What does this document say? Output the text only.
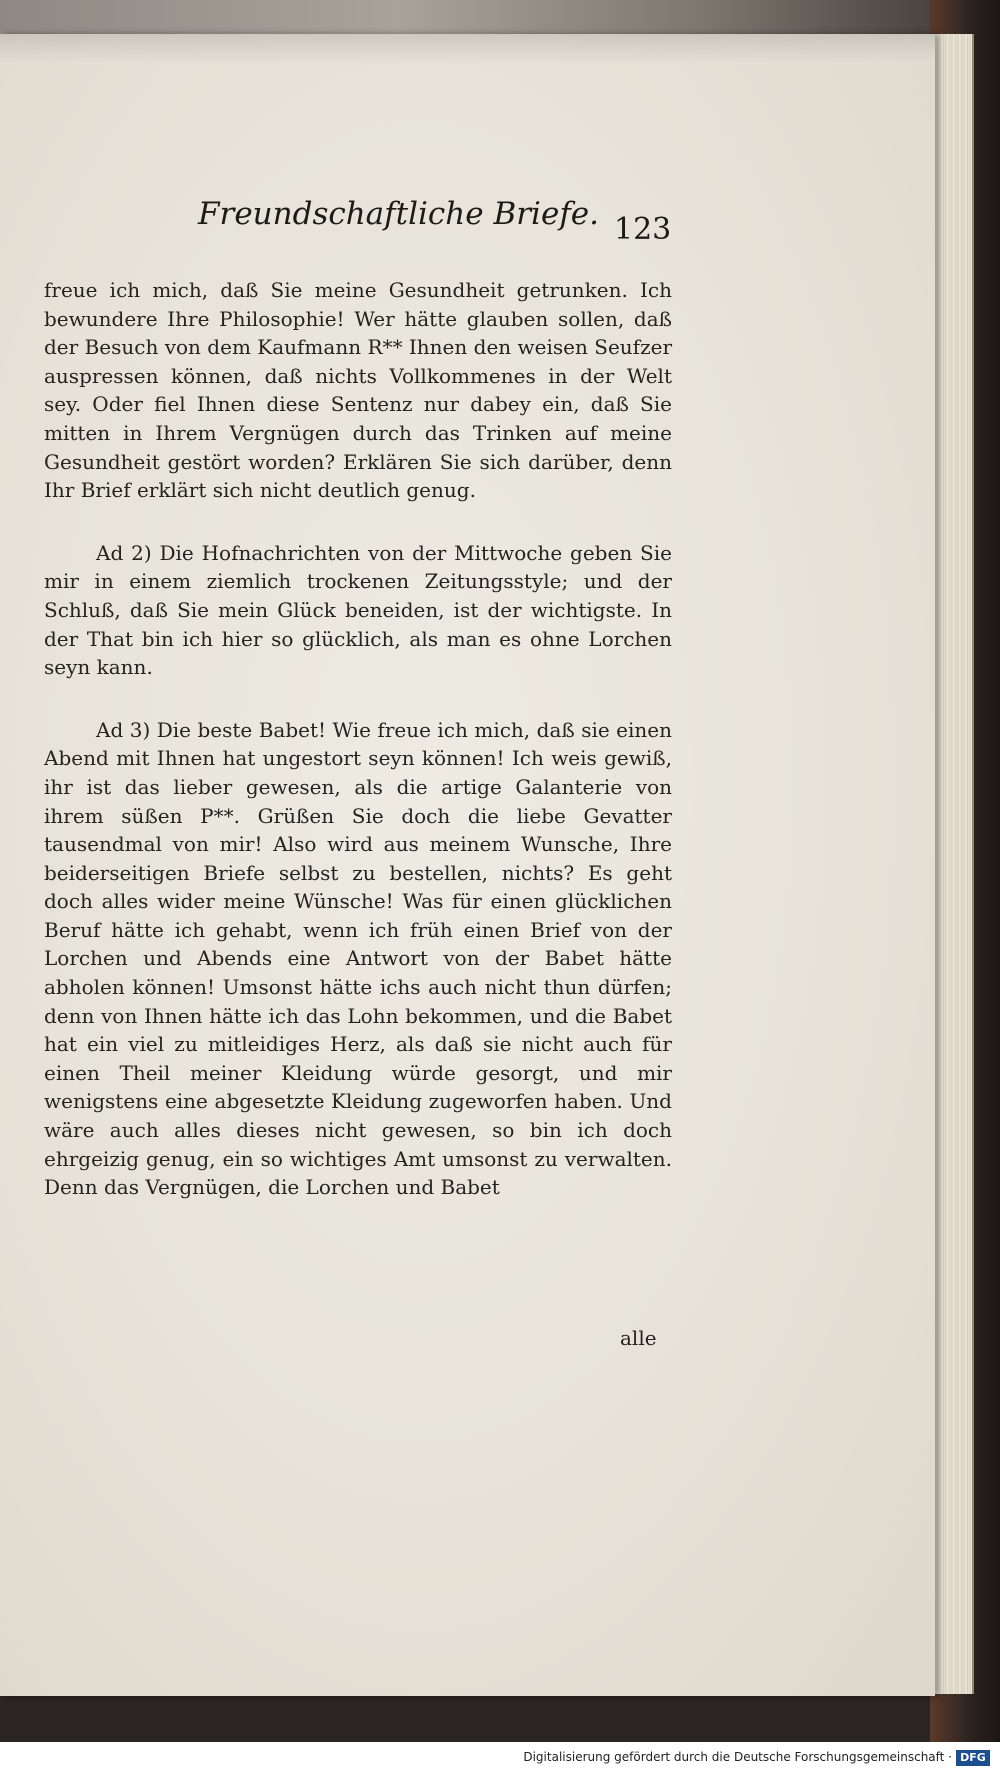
Freundschaftliche Briefe. 123

freue ich mich, daß Sie meine Gesundheit getrunken. Ich bewundere Ihre Philosophie! Wer hätte glauben sollen, daß der Besuch von dem Kaufmann R** Ihnen den weisen Seufzer auspressen können, daß nichts Vollkommenes in der Welt sey. Oder fiel Ihnen diese Sentenz nur dabey ein, daß Sie mitten in Ihrem Vergnügen durch das Trinken auf meine Gesundheit gestört worden? Erklären Sie sich darüber, denn Ihr Brief erklärt sich nicht deutlich genug.

Ad 2) Die Hofnachrichten von der Mittwoche geben Sie mir in einem ziemlich trockenen Zeitungsstyle; und der Schluß, daß Sie mein Glück beneiden, ist der wichtigste. In der That bin ich hier so glücklich, als man es ohne Lorchen seyn kann.

Ad 3) Die beste Babet! Wie freue ich mich, daß sie einen Abend mit Ihnen hat ungestort seyn können! Ich weis gewiß, ihr ist das lieber gewesen, als die artige Galanterie von ihrem süßen P**. Grüßen Sie doch die liebe Gevatter tausendmal von mir! Also wird aus meinem Wunsche, Ihre beiderseitigen Briefe selbst zu bestellen, nichts? Es geht doch alles wider meine Wünsche! Was für einen glücklichen Beruf hätte ich gehabt, wenn ich früh einen Brief von der Lorchen und Abends eine Antwort von der Babet hätte abholen können! Umsonst hätte ichs auch nicht thun dürfen; denn von Ihnen hätte ich das Lohn bekommen, und die Babet hat ein viel zu mitleidiges Herz, als daß sie nicht auch für einen Theil meiner Kleidung würde gesorgt, und mir wenigstens eine abgesetzte Kleidung zugeworfen haben. Und wäre auch alles dieses nicht gewesen, so bin ich doch ehrgeizig genug, ein so wichtiges Amt umsonst zu verwalten. Denn das Vergnügen, die Lorchen und Babet

alle
Digitalisierung gefördert durch die Deutsche Forschungsgemeinschaft · DFG
